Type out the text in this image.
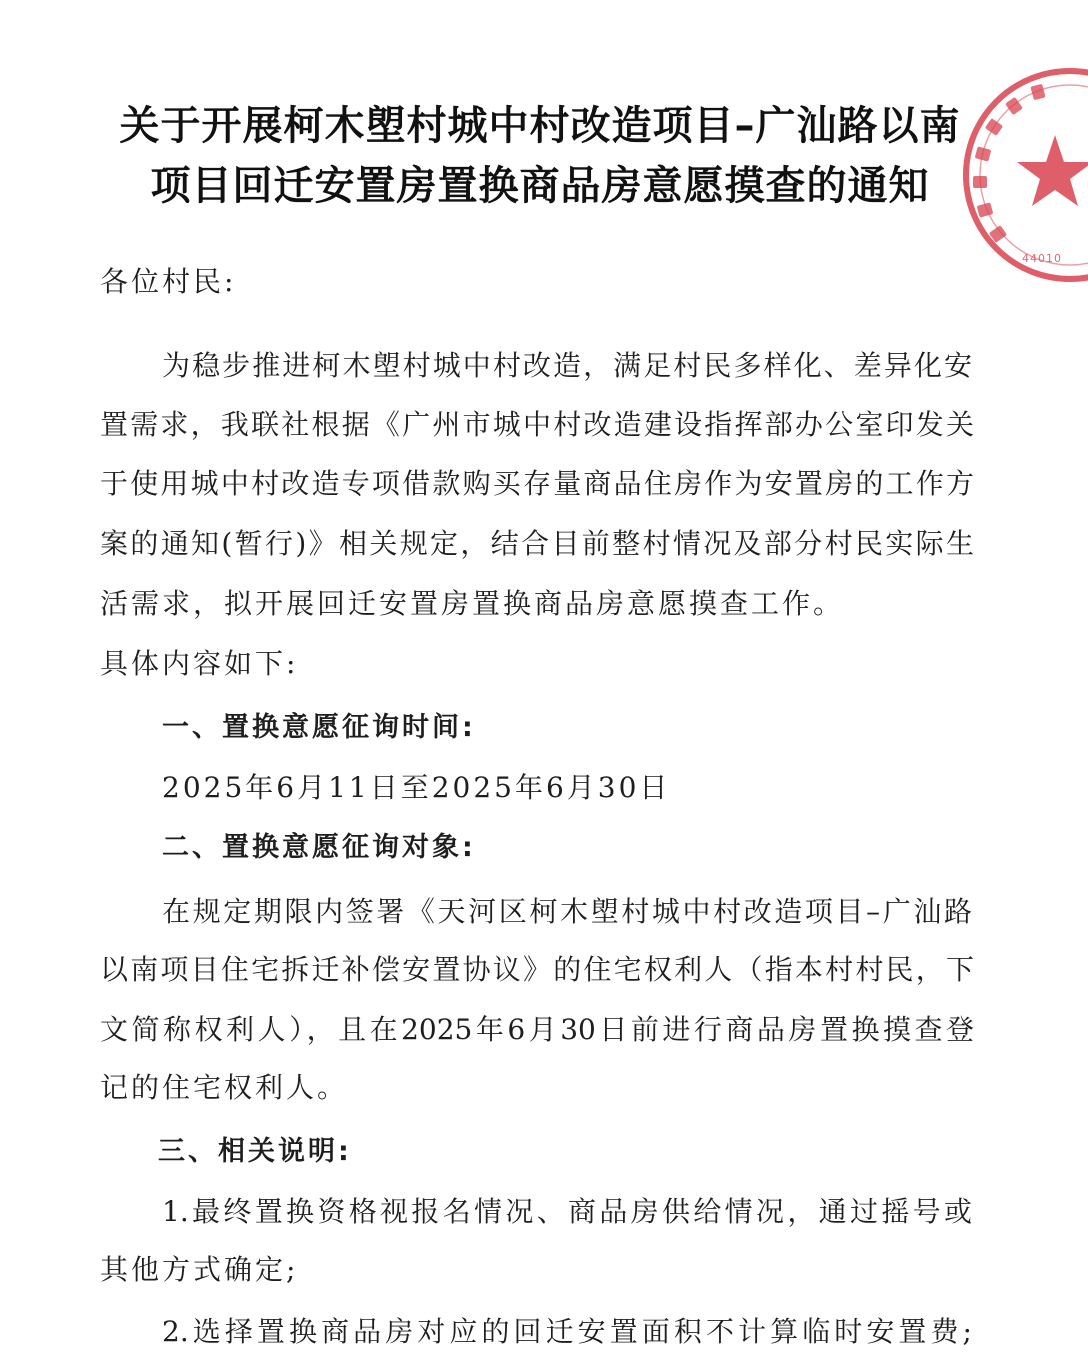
关于开展柯木塱村城中村改造项目–广汕路以南
项目回迁安置房置换商品房意愿摸查的通知
各位村民:
为稳步推进柯木塱村城中村改造，满足村民多样化、差异化安
置需求，我联社根据《广州市城中村改造建设指挥部办公室印发关
于使用城中村改造专项借款购买存量商品住房作为安置房的工作方
案的通知(暂行)》相关规定，结合目前整村情况及部分村民实际生
活需求，拟开展回迁安置房置换商品房意愿摸查工作。
具体内容如下:
一、置换意愿征询时间:
2025年6月11日至2025年6月30日
二、置换意愿征询对象:
在规定期限内签署《天河区柯木塱村城中村改造项目–广汕路
以南项目住宅拆迁补偿安置协议》的住宅权利人（指本村村民，下
文简称权利人），且在2025年6月30日前进行商品房置换摸查登
记的住宅权利人。
三、相关说明:
1.最终置换资格视报名情况、商品房供给情况，通过摇号或
其他方式确定;
2.选择置换商品房对应的回迁安置面积不计算临时安置费;
44010
